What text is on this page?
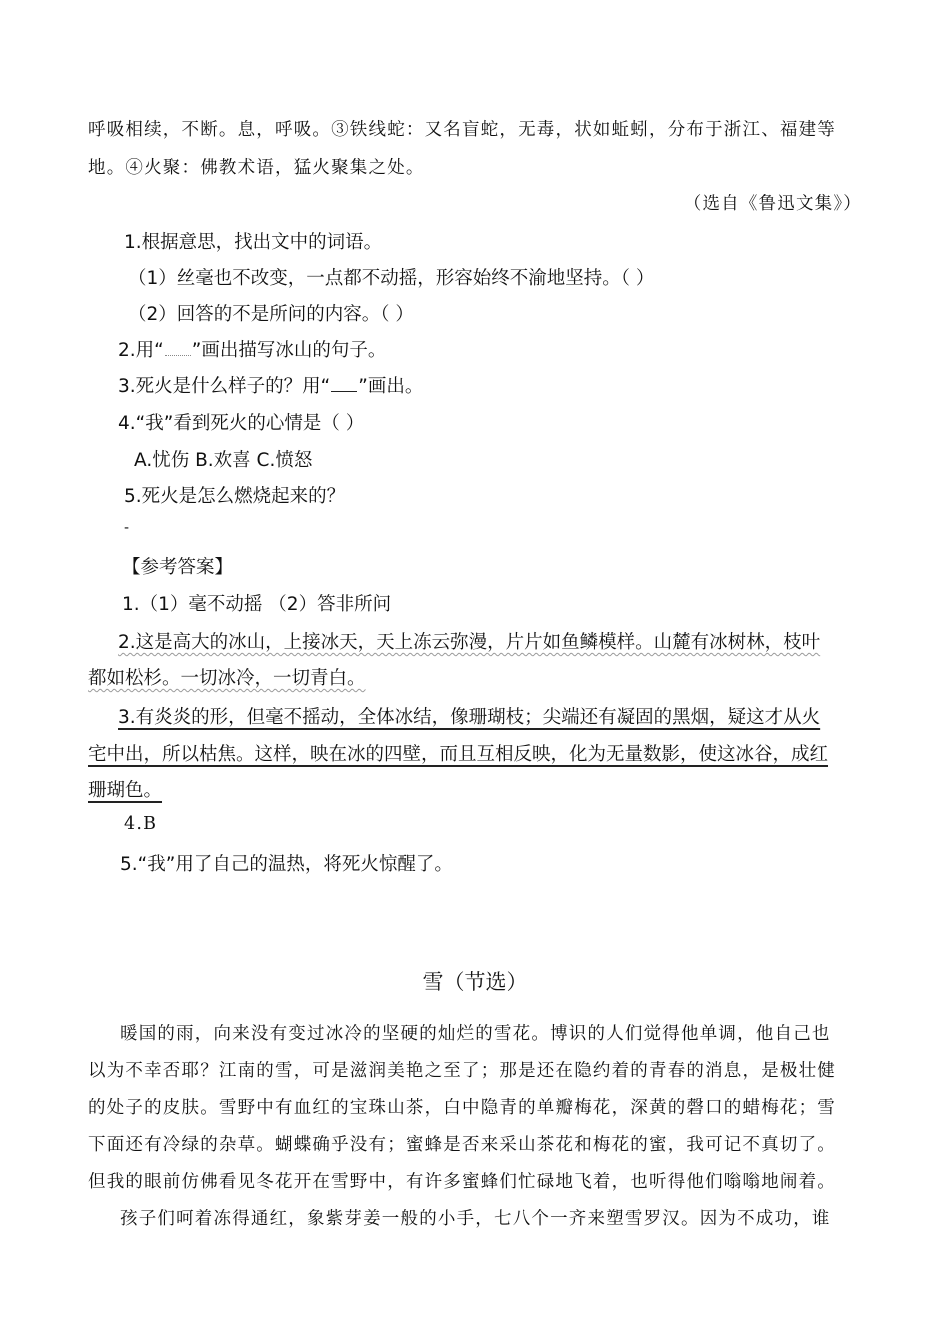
呼吸相续，不断。息，呼吸。③铁线蛇：又名盲蛇，无毒，状如蚯蚓，分布于浙江、福建等
地。④火聚：佛教术语，猛火聚集之处。
（选自《鲁迅文集》）
1.根据意思，找出文中的词语。
（1）丝毫也不改变，一点都不动摇，形容始终不渝地坚持。（ ）
（2）回答的不是所问的内容。（ ）
2.用“ ”画出描写冰山的句子。
3.死火是什么样子的？用“ ”画出。
4.“我”看到死火的心情是（ ）
A.忧伤 B.欢喜 C.愤怒
5.死火是怎么燃烧起来的？
-
【参考答案】
1.（1）毫不动摇 （2）答非所问
2.这是高大的冰山，上接冰天，天上冻云弥漫，片片如鱼鳞模样。山麓有冰树林，枝叶
都如松杉。一切冰冷，一切青白。
3.有炎炎的形，但毫不摇动，全体冰结，像珊瑚枝；尖端还有凝固的黑烟，疑这才从火
宅中出，所以枯焦。这样，映在冰的四壁，而且互相反映，化为无量数影，使这冰谷，成红
珊瑚色。
4.B
5.“我”用了自己的温热，将死火惊醒了。
雪（节选）
暖国的雨，向来没有变过冰冷的坚硬的灿烂的雪花。博识的人们觉得他单调，他自己也
以为不幸否耶？江南的雪，可是滋润美艳之至了；那是还在隐约着的青春的消息，是极壮健
的处子的皮肤。雪野中有血红的宝珠山茶，白中隐青的单瓣梅花，深黄的磬口的蜡梅花；雪
下面还有冷绿的杂草。蝴蝶确乎没有；蜜蜂是否来采山茶花和梅花的蜜，我可记不真切了。
但我的眼前仿佛看见冬花开在雪野中，有许多蜜蜂们忙碌地飞着，也听得他们嗡嗡地闹着。
孩子们呵着冻得通红，象紫芽姜一般的小手，七八个一齐来塑雪罗汉。因为不成功，谁
